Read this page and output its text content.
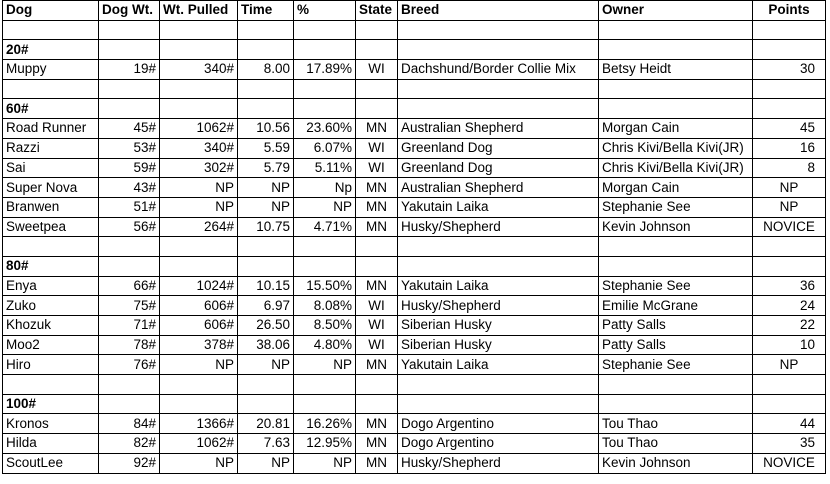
Dog	Dog Wt.	Wt. Pulled	Time	%	State	Breed	Owner	Points

20#								
Muppy	19#	340#	8.00	17.89%	WI	Dachshund/Border Collie Mix	Betsy Heidt	30

60#								
Road Runner	45#	1062#	10.56	23.60%	MN	Australian Shepherd	Morgan Cain	45
Razzi	53#	340#	5.59	6.07%	WI	Greenland Dog	Chris Kivi/Bella Kivi(JR)	16
Sai	59#	302#	5.79	5.11%	WI	Greenland Dog	Chris Kivi/Bella Kivi(JR)	8
Super Nova	43#	NP	NP	Np	MN	Australian Shepherd	Morgan Cain	NP
Branwen	51#	NP	NP	NP	MN	Yakutain Laika	Stephanie See	NP
Sweetpea	56#	264#	10.75	4.71%	MN	Husky/Shepherd	Kevin Johnson	NOVICE

80#								
Enya	66#	1024#	10.15	15.50%	MN	Yakutain Laika	Stephanie See	36
Zuko	75#	606#	6.97	8.08%	WI	Husky/Shepherd	Emilie McGrane	24
Khozuk	71#	606#	26.50	8.50%	WI	Siberian Husky	Patty Salls	22
Moo2	78#	378#	38.06	4.80%	WI	Siberian Husky	Patty Salls	10
Hiro	76#	NP	NP	NP	MN	Yakutain Laika	Stephanie See	NP

100#								
Kronos	84#	1366#	20.81	16.26%	MN	Dogo Argentino	Tou Thao	44
Hilda	82#	1062#	7.63	12.95%	MN	Dogo Argentino	Tou Thao	35
ScoutLee	92#	NP	NP	NP	MN	Husky/Shepherd	Kevin Johnson	NOVICE
